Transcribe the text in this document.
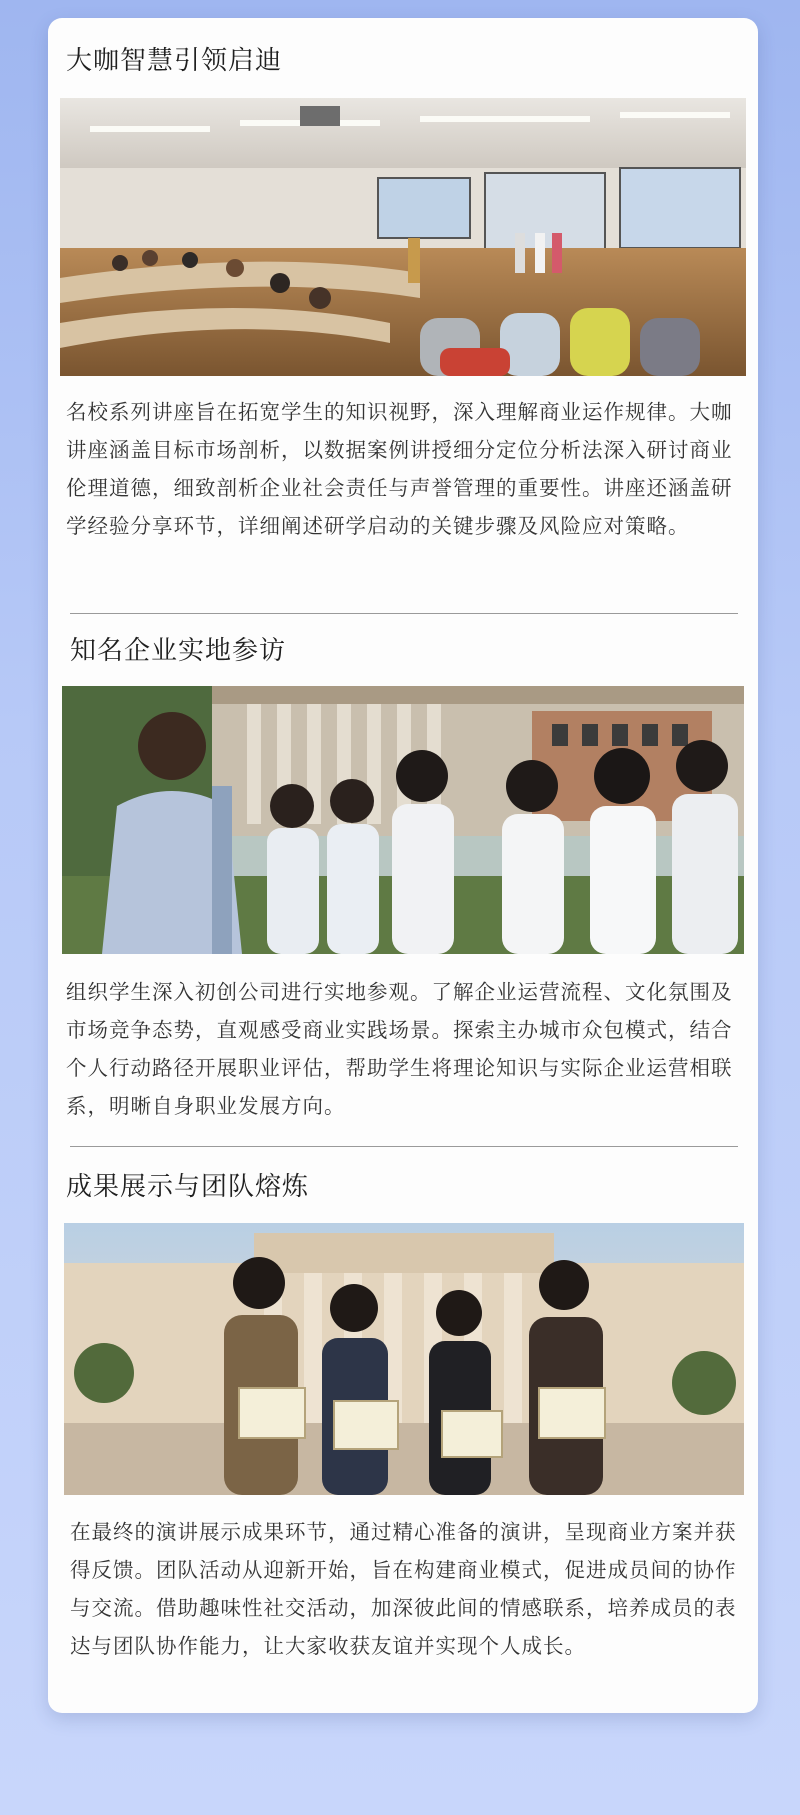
大咖智慧引领启迪
名校系列讲座旨在拓宽学生的知识视野，深入理解商业运作规律。大咖讲座涵盖目标市场剖析，以数据案例讲授细分定位分析法深入研讨商业伦理道德，细致剖析企业社会责任与声誉管理的重要性。讲座还涵盖研学经验分享环节，详细阐述研学启动的关键步骤及风险应对策略。
知名企业实地参访
组织学生深入初创公司进行实地参观。了解企业运营流程、文化氛围及市场竞争态势，直观感受商业实践场景。探索主办城市众包模式，结合个人行动路径开展职业评估，帮助学生将理论知识与实际企业运营相联系，明晰自身职业发展方向。
成果展示与团队熔炼
在最终的演讲展示成果环节，通过精心准备的演讲，呈现商业方案并获得反馈。团队活动从迎新开始，旨在构建商业模式，促进成员间的协作与交流。借助趣味性社交活动，加深彼此间的情感联系，培养成员的表达与团队协作能力，让大家收获友谊并实现个人成长。
